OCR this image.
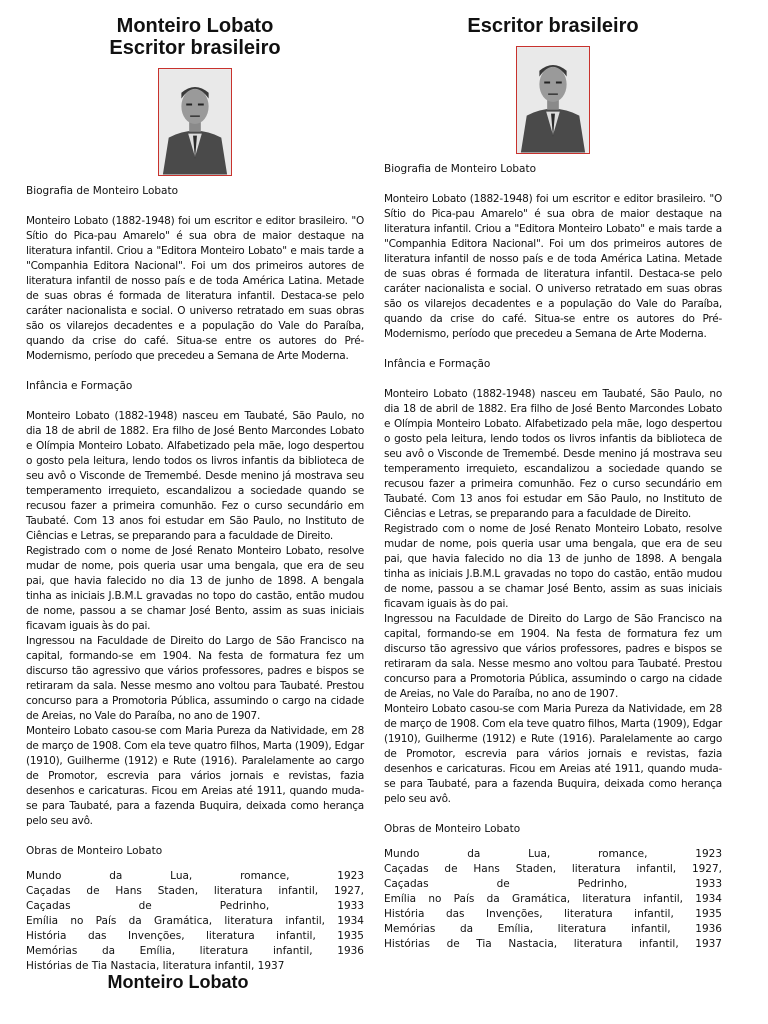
Monteiro Lobato
Escritor brasileiro

Biografia de Monteiro Lobato

Monteiro Lobato (1882-1948) foi um escritor e editor brasileiro. "O Sítio do Pica-pau Amarelo" é sua obra de maior destaque na literatura infantil. Criou a "Editora Monteiro Lobato" e mais tarde a "Companhia Editora Nacional". Foi um dos primeiros autores de literatura infantil de nosso país e de toda América Latina. Metade de suas obras é formada de literatura infantil. Destaca-se pelo caráter nacionalista e social. O universo retratado em suas obras são os vilarejos decadentes e a população do Vale do Paraíba, quando da crise do café. Situa-se entre os autores do Pré-Modernismo, período que precedeu a Semana de Arte Moderna.

Infância e Formação

Monteiro Lobato (1882-1948) nasceu em Taubaté, São Paulo, no dia 18 de abril de 1882. Era filho de José Bento Marcondes Lobato e Olímpia Monteiro Lobato. Alfabetizado pela mãe, logo despertou o gosto pela leitura, lendo todos os livros infantis da biblioteca de seu avô o Visconde de Tremembé. Desde menino já mostrava seu temperamento irrequieto, escandalizou a sociedade quando se recusou fazer a primeira comunhão. Fez o curso secundário em Taubaté. Com 13 anos foi estudar em São Paulo, no Instituto de Ciências e Letras, se preparando para a faculdade de Direito.

Registrado com o nome de José Renato Monteiro Lobato, resolve mudar de nome, pois queria usar uma bengala, que era de seu pai, que havia falecido no dia 13 de junho de 1898. A bengala tinha as iniciais J.B.M.L gravadas no topo do castão, então mudou de nome, passou a se chamar José Bento, assim as suas iniciais ficavam iguais às do pai.

Ingressou na Faculdade de Direito do Largo de São Francisco na capital, formando-se em 1904. Na festa de formatura fez um discurso tão agressivo que vários professores, padres e bispos se retiraram da sala. Nesse mesmo ano voltou para Taubaté. Prestou concurso para a Promotoria Pública, assumindo o cargo na cidade de Areias, no Vale do Paraíba, no ano de 1907.

Monteiro Lobato casou-se com Maria Pureza da Natividade, em 28 de março de 1908. Com ela teve quatro filhos, Marta (1909), Edgar (1910), Guilherme (1912) e Rute (1916). Paralelamente ao cargo de Promotor, escrevia para vários jornais e revistas, fazia desenhos e caricaturas. Ficou em Areias até 1911, quando muda-se para Taubaté, para a fazenda Buquira, deixada como herança pelo seu avô.

Obras de Monteiro Lobato

Mundo da Lua, romance, 1923
Caçadas de Hans Staden, literatura infantil, 1927,
Caçadas de Pedrinho, 1933
Emília no País da Gramática, literatura infantil, 1934
História das Invenções, literatura infantil, 1935
Memórias da Emília, literatura infantil, 1936
Histórias de Tia Nastacia, literatura infantil, 1937
Monteiro Lobato
Escritor brasileiro

Biografia de Monteiro Lobato

Monteiro Lobato (1882-1948) foi um escritor e editor brasileiro. "O Sítio do Pica-pau Amarelo" é sua obra de maior destaque na literatura infantil. Criou a "Editora Monteiro Lobato" e mais tarde a "Companhia Editora Nacional". Foi um dos primeiros autores de literatura infantil de nosso país e de toda América Latina. Metade de suas obras é formada de literatura infantil. Destaca-se pelo caráter nacionalista e social. O universo retratado em suas obras são os vilarejos decadentes e a população do Vale do Paraíba, quando da crise do café. Situa-se entre os autores do Pré-Modernismo, período que precedeu a Semana de Arte Moderna.

Infância e Formação

Monteiro Lobato (1882-1948) nasceu em Taubaté, São Paulo, no dia 18 de abril de 1882. Era filho de José Bento Marcondes Lobato e Olímpia Monteiro Lobato. Alfabetizado pela mãe, logo despertou o gosto pela leitura, lendo todos os livros infantis da biblioteca de seu avô o Visconde de Tremembé. Desde menino já mostrava seu temperamento irrequieto, escandalizou a sociedade quando se recusou fazer a primeira comunhão. Fez o curso secundário em Taubaté. Com 13 anos foi estudar em São Paulo, no Instituto de Ciências e Letras, se preparando para a faculdade de Direito.

Registrado com o nome de José Renato Monteiro Lobato, resolve mudar de nome, pois queria usar uma bengala, que era de seu pai, que havia falecido no dia 13 de junho de 1898. A bengala tinha as iniciais J.B.M.L gravadas no topo do castão, então mudou de nome, passou a se chamar José Bento, assim as suas iniciais ficavam iguais às do pai.

Ingressou na Faculdade de Direito do Largo de São Francisco na capital, formando-se em 1904. Na festa de formatura fez um discurso tão agressivo que vários professores, padres e bispos se retiraram da sala. Nesse mesmo ano voltou para Taubaté. Prestou concurso para a Promotoria Pública, assumindo o cargo na cidade de Areias, no Vale do Paraíba, no ano de 1907.

Monteiro Lobato casou-se com Maria Pureza da Natividade, em 28 de março de 1908. Com ela teve quatro filhos, Marta (1909), Edgar (1910), Guilherme (1912) e Rute (1916). Paralelamente ao cargo de Promotor, escrevia para vários jornais e revistas, fazia desenhos e caricaturas. Ficou em Areias até 1911, quando muda-se para Taubaté, para a fazenda Buquira, deixada como herança pelo seu avô.

Obras de Monteiro Lobato

Mundo da Lua, romance, 1923
Caçadas de Hans Staden, literatura infantil, 1927,
Caçadas de Pedrinho, 1933
Emília no País da Gramática, literatura infantil, 1934
História das Invenções, literatura infantil, 1935
Memórias da Emília, literatura infantil, 1936
Histórias de Tia Nastacia, literatura infantil, 1937
